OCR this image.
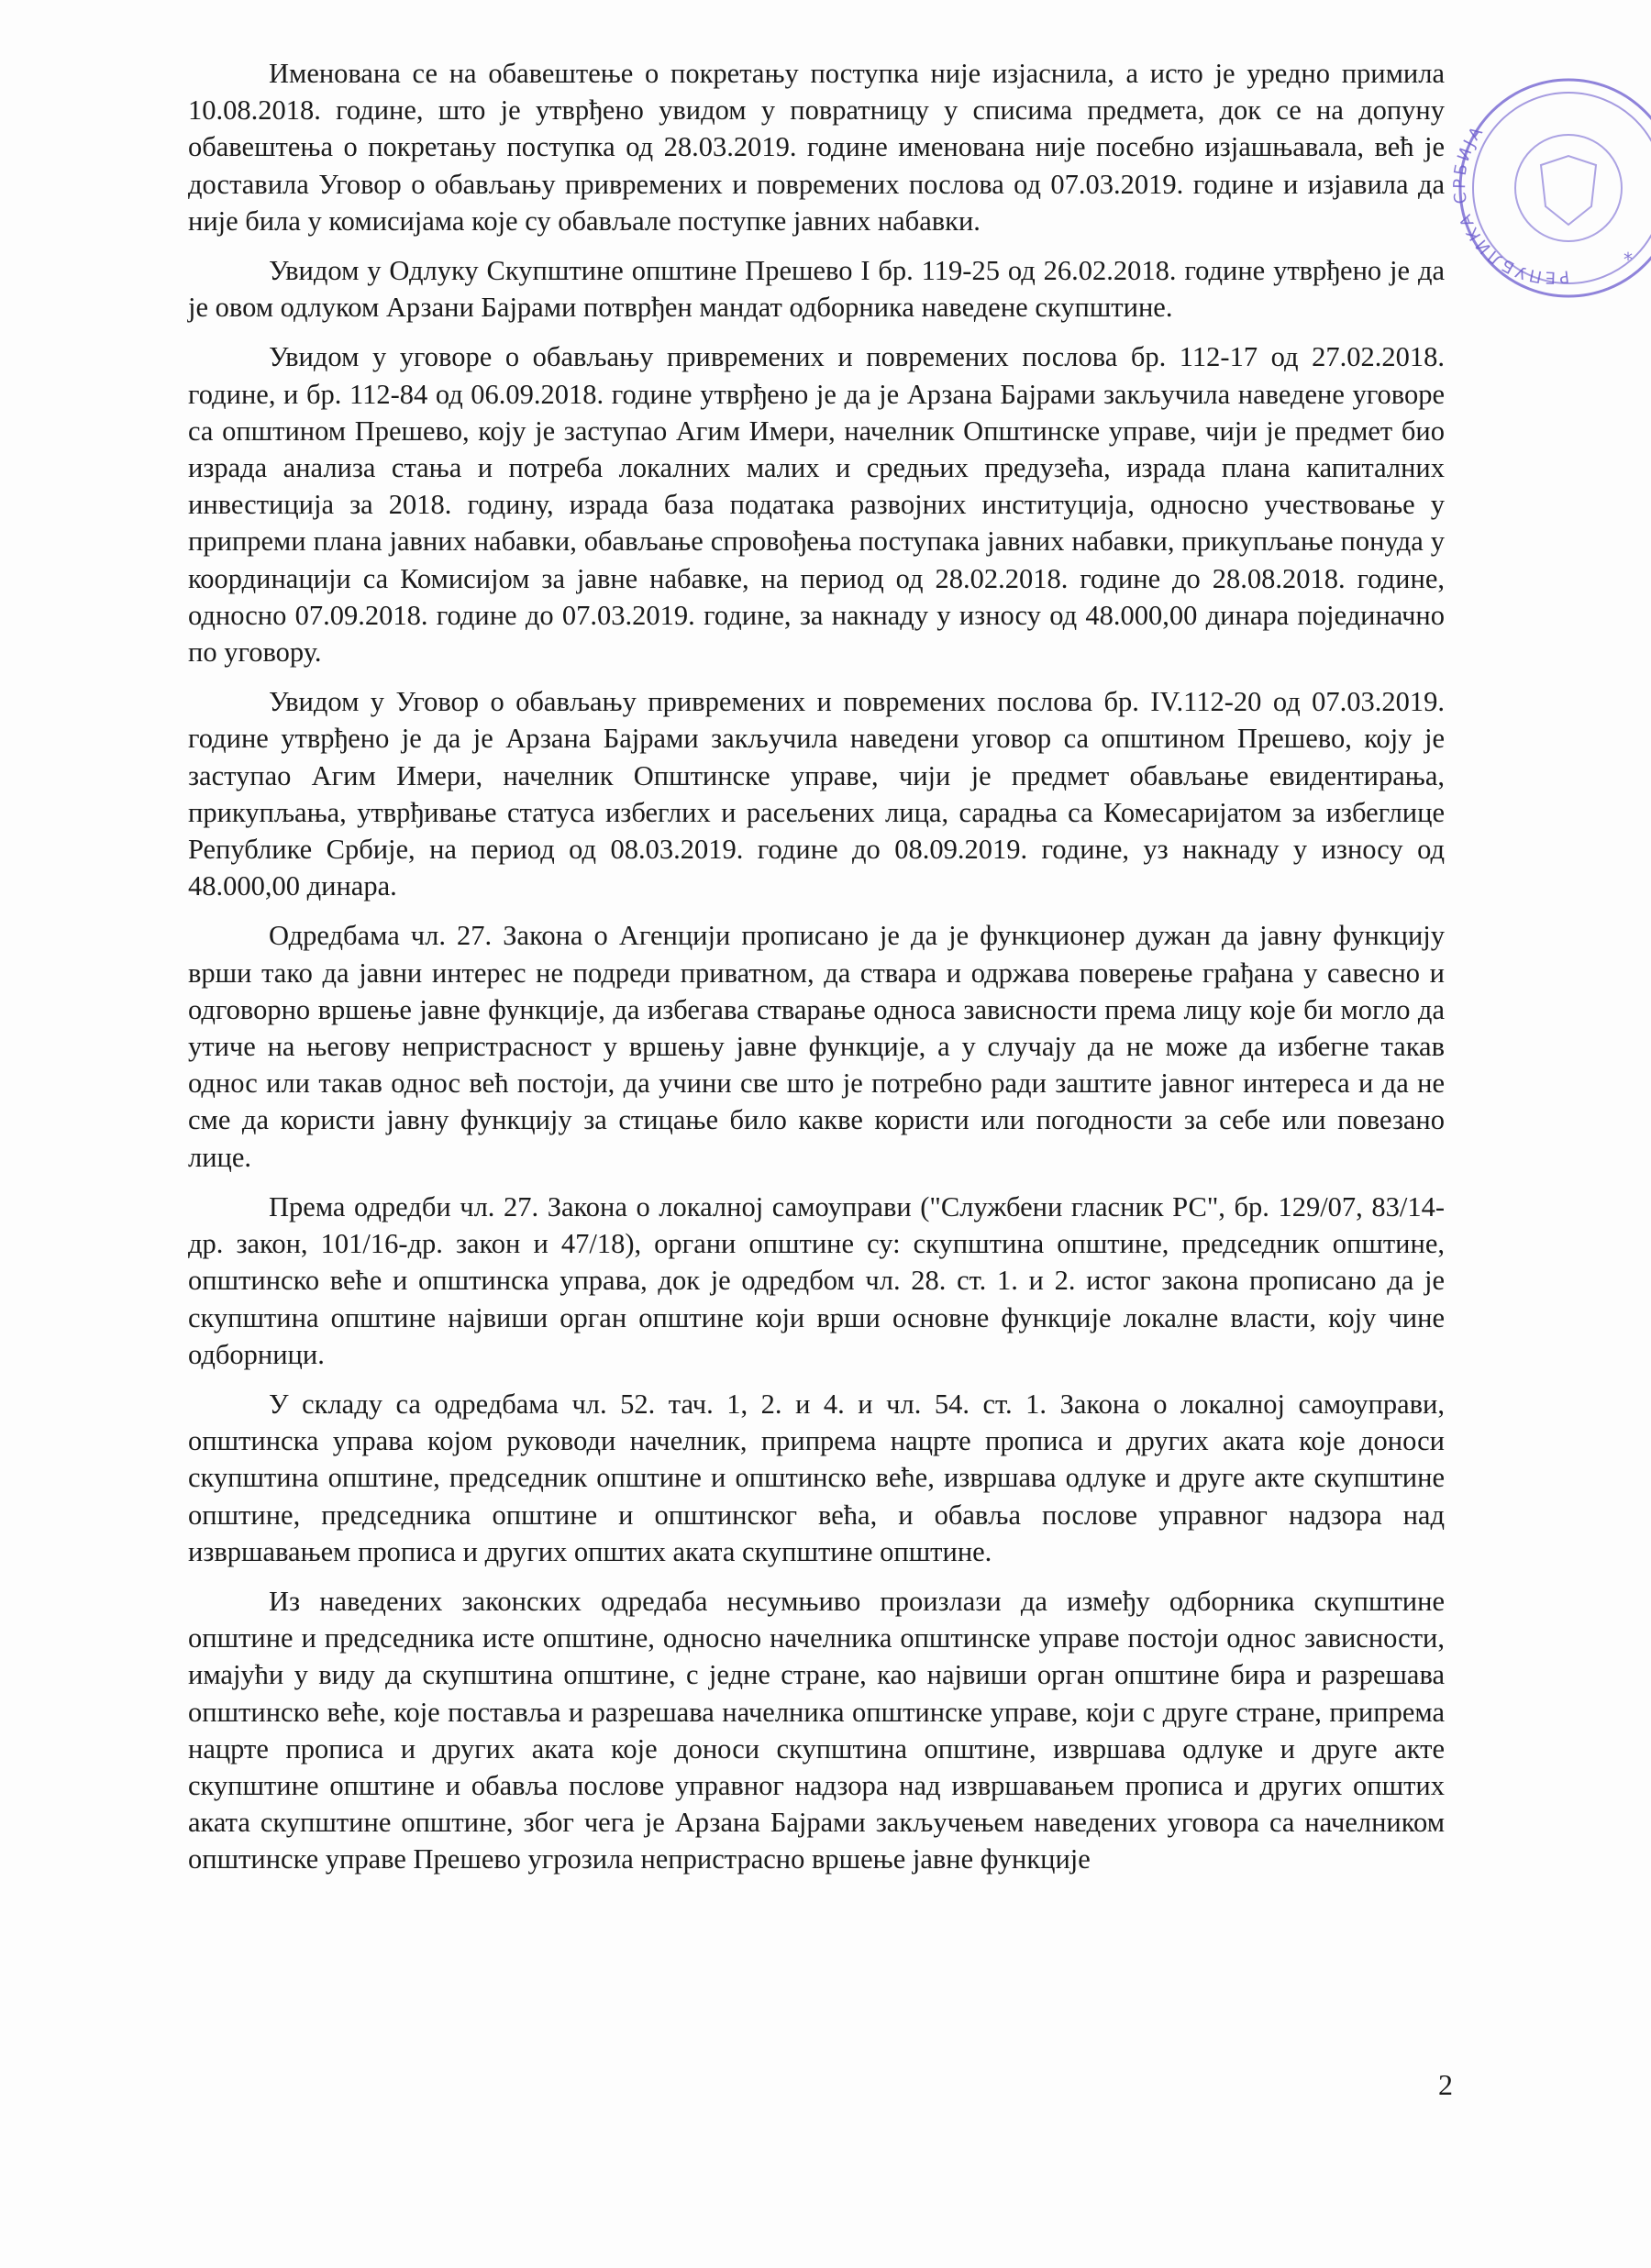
Именована се на обавештење о покретању поступка није изјаснила, а исто је уредно примила 10.08.2018. године, што је утврђено увидом у повратницу у списима предмета, док се на допуну обавештења о покретању поступка од 28.03.2019. године именована није посебно изјашњавала, већ је доставила Уговор о обављању привремених и повремених послова од 07.03.2019. године и изјавила да није била у комисијама које су обављале поступке јавних набавки.

Увидом у Одлуку Скупштине општине Прешево I бр. 119-25 од 26.02.2018. године утврђено је да је овом одлуком Арзани Бајрами потврђен мандат одборника наведене скупштине.

Увидом у уговоре о обављању привремених и повремених послова бр. 112-17 од 27.02.2018. године, и бр. 112-84 од 06.09.2018. године утврђено је да је Арзана Бајрами закључила наведене уговоре са општином Прешево, коју је заступао Агим Имери, начелник Општинске управе, чији је предмет био израда анализа стања и потреба локалних малих и средњих предузећа, израда плана капиталних инвестиција за 2018. годину, израда база података развојних институција, односно учествовање у припреми плана јавних набавки, обављање спровођења поступака јавних набавки, прикупљање понуда у координацији са Комисијом за јавне набавке, на период од 28.02.2018. године до 28.08.2018. године, односно 07.09.2018. године до 07.03.2019. године, за накнаду у износу од 48.000,00 динара појединачно по уговору.

Увидом у Уговор о обављању привремених и повремених послова бр. IV.112-20 од 07.03.2019. године утврђено је да је Арзана Бајрами закључила наведени уговор са општином Прешево, коју је заступао Агим Имери, начелник Општинске управе, чији је предмет обављање евидентирања, прикупљања, утврђивање статуса избеглих и расељених лица, сарадња са Комесаријатом за избеглице Републике Србије, на период од 08.03.2019. године до 08.09.2019. године, уз накнаду у износу од 48.000,00 динара.

Одредбама чл. 27. Закона о Агенцији прописано је да је функционер дужан да јавну функцију врши тако да јавни интерес не подреди приватном, да ствара и одржава поверење грађана у савесно и одговорно вршење јавне функције, да избегава стварање односа зависности према лицу које би могло да утиче на његову непристрасност у вршењу јавне функције, а у случају да не може да избегне такав однос или такав однос већ постоји, да учини све што је потребно ради заштите јавног интереса и да не сме да користи јавну функцију за стицање било какве користи или погодности за себе или повезано лице.

Према одредби чл. 27. Закона о локалној самоуправи ("Службени гласник РС", бр. 129/07, 83/14-др. закон, 101/16-др. закон и 47/18), органи општине су: скупштина општине, председник општине, општинско веће и општинска управа, док је одредбом чл. 28. ст. 1. и 2. истог закона прописано да је скупштина општине највиши орган општине који врши основне функције локалне власти, коју чине одборници.

У складу са одредбама чл. 52. тач. 1, 2. и 4. и чл. 54. ст. 1. Закона о локалној самоуправи, општинска управа којом руководи начелник, припрема нацрте прописа и других аката које доноси скупштина општине, председник општине и општинско веће, извршава одлуке и друге акте скупштине општине, председника општине и општинског већа, и обавља послове управног надзора над извршавањем прописа и других општих аката скупштине општине.

Из наведених законских одредаба несумњиво произлази да између одборника скупштине општине и председника исте општине, односно начелника општинске управе постоји однос зависности, имајући у виду да скупштина општине, с једне стране, као највиши орган општине бира и разрешава општинско веће, које поставља и разрешава начелника општинске управе, који с друге стране, припрема нацрте прописа и других аката које доноси скупштина општине, извршава одлуке и друге акте скупштине општине и обавља послове управног надзора над извршавањем прописа и других општих аката скупштине општине, због чега је Арзана Бајрами закључењем наведених уговора са начелником општинске управе Прешево угрозила непристрасно вршење јавне функције

РЕПУБЛИКА СРБИЈА
*
2
